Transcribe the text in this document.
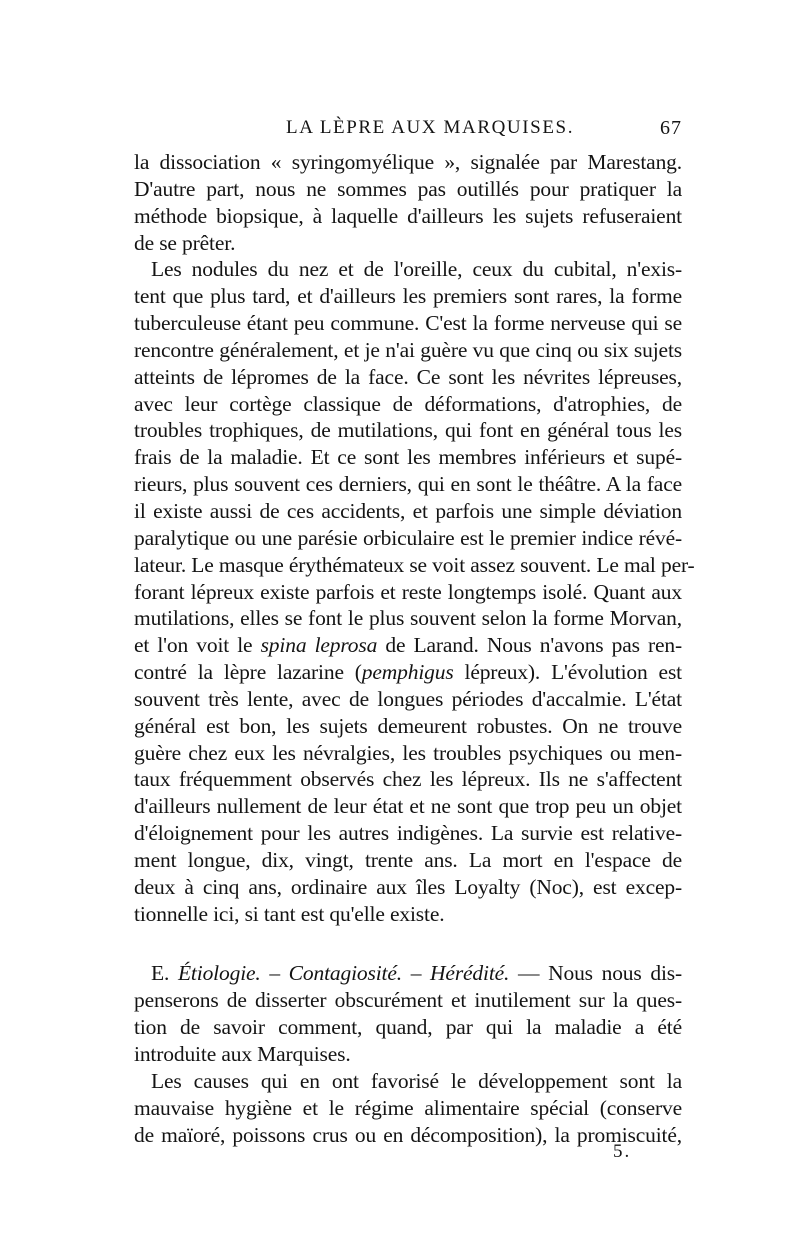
LA LÈPRE AUX MARQUISES.	67

la dissociation « syringomyélique », signalée par Marestang.

D'autre part, nous ne sommes pas outillés pour pratiquer la

méthode biopsique, à laquelle d'ailleurs les sujets refuseraient

de se prêter.

Les nodules du nez et de l'oreille, ceux du cubital, n'exis-

tent que plus tard, et d'ailleurs les premiers sont rares, la forme

tuberculeuse étant peu commune. C'est la forme nerveuse qui se

rencontre généralement, et je n'ai guère vu que cinq ou six sujets

atteints de lépromes de la face. Ce sont les névrites lépreuses,

avec leur cortège classique de déformations, d'atrophies, de

troubles trophiques, de mutilations, qui font en général tous les

frais de la maladie. Et ce sont les membres inférieurs et supé-

rieurs, plus souvent ces derniers, qui en sont le théâtre. A la face

il existe aussi de ces accidents, et parfois une simple déviation

paralytique ou une parésie orbiculaire est le premier indice révé-

lateur. Le masque érythémateux se voit assez souvent. Le mal per-

forant lépreux existe parfois et reste longtemps isolé. Quant aux

mutilations, elles se font le plus souvent selon la forme Morvan,

et l'on voit le spina leprosa de Larand. Nous n'avons pas ren-

contré la lèpre lazarine (pemphigus lépreux). L'évolution est

souvent très lente, avec de longues périodes d'accalmie. L'état

général est bon, les sujets demeurent robustes. On ne trouve

guère chez eux les névralgies, les troubles psychiques ou men-

taux fréquemment observés chez les lépreux. Ils ne s'affectent

d'ailleurs nullement de leur état et ne sont que trop peu un objet

d'éloignement pour les autres indigènes. La survie est relative-

ment longue, dix, vingt, trente ans. La mort en l'espace de

deux à cinq ans, ordinaire aux îles Loyalty (Noc), est excep-

tionnelle ici, si tant est qu'elle existe.

E. Étiologie. – Contagiosité. – Hérédité. — Nous nous dis-

penserons de disserter obscurément et inutilement sur la ques-

tion de savoir comment, quand, par qui la maladie a été

introduite aux Marquises.

Les causes qui en ont favorisé le développement sont la

mauvaise hygiène et le régime alimentaire spécial (conserve

de maïoré, poissons crus ou en décomposition), la promiscuité,

5.
